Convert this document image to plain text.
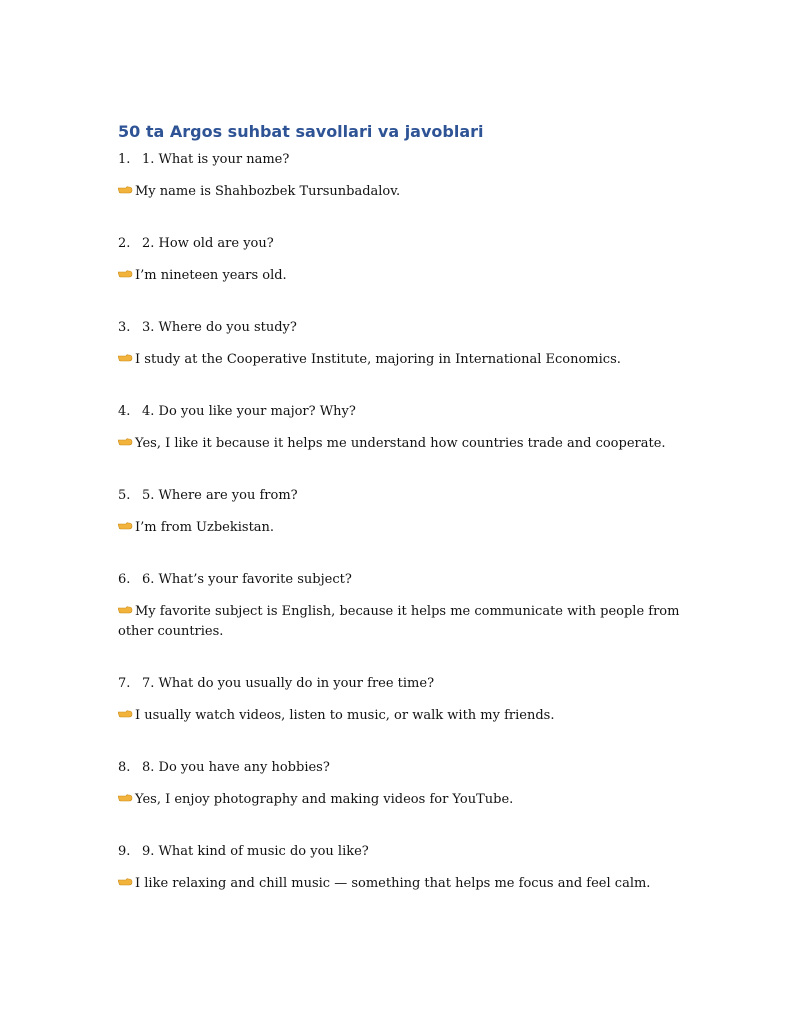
50 ta Argos suhbat savollari va javoblari
1. 1. What is your name?
My name is Shahbozbek Tursunbadalov.
2. 2. How old are you?
I’m nineteen years old.
3. 3. Where do you study?
I study at the Cooperative Institute, majoring in International Economics.
4. 4. Do you like your major? Why?
Yes, I like it because it helps me understand how countries trade and cooperate.
5. 5. Where are you from?
I’m from Uzbekistan.
6. 6. What’s your favorite subject?
My favorite subject is English, because it helps me communicate with people from other countries.
7. 7. What do you usually do in your free time?
I usually watch videos, listen to music, or walk with my friends.
8. 8. Do you have any hobbies?
Yes, I enjoy photography and making videos for YouTube.
9. 9. What kind of music do you like?
I like relaxing and chill music — something that helps me focus and feel calm.
